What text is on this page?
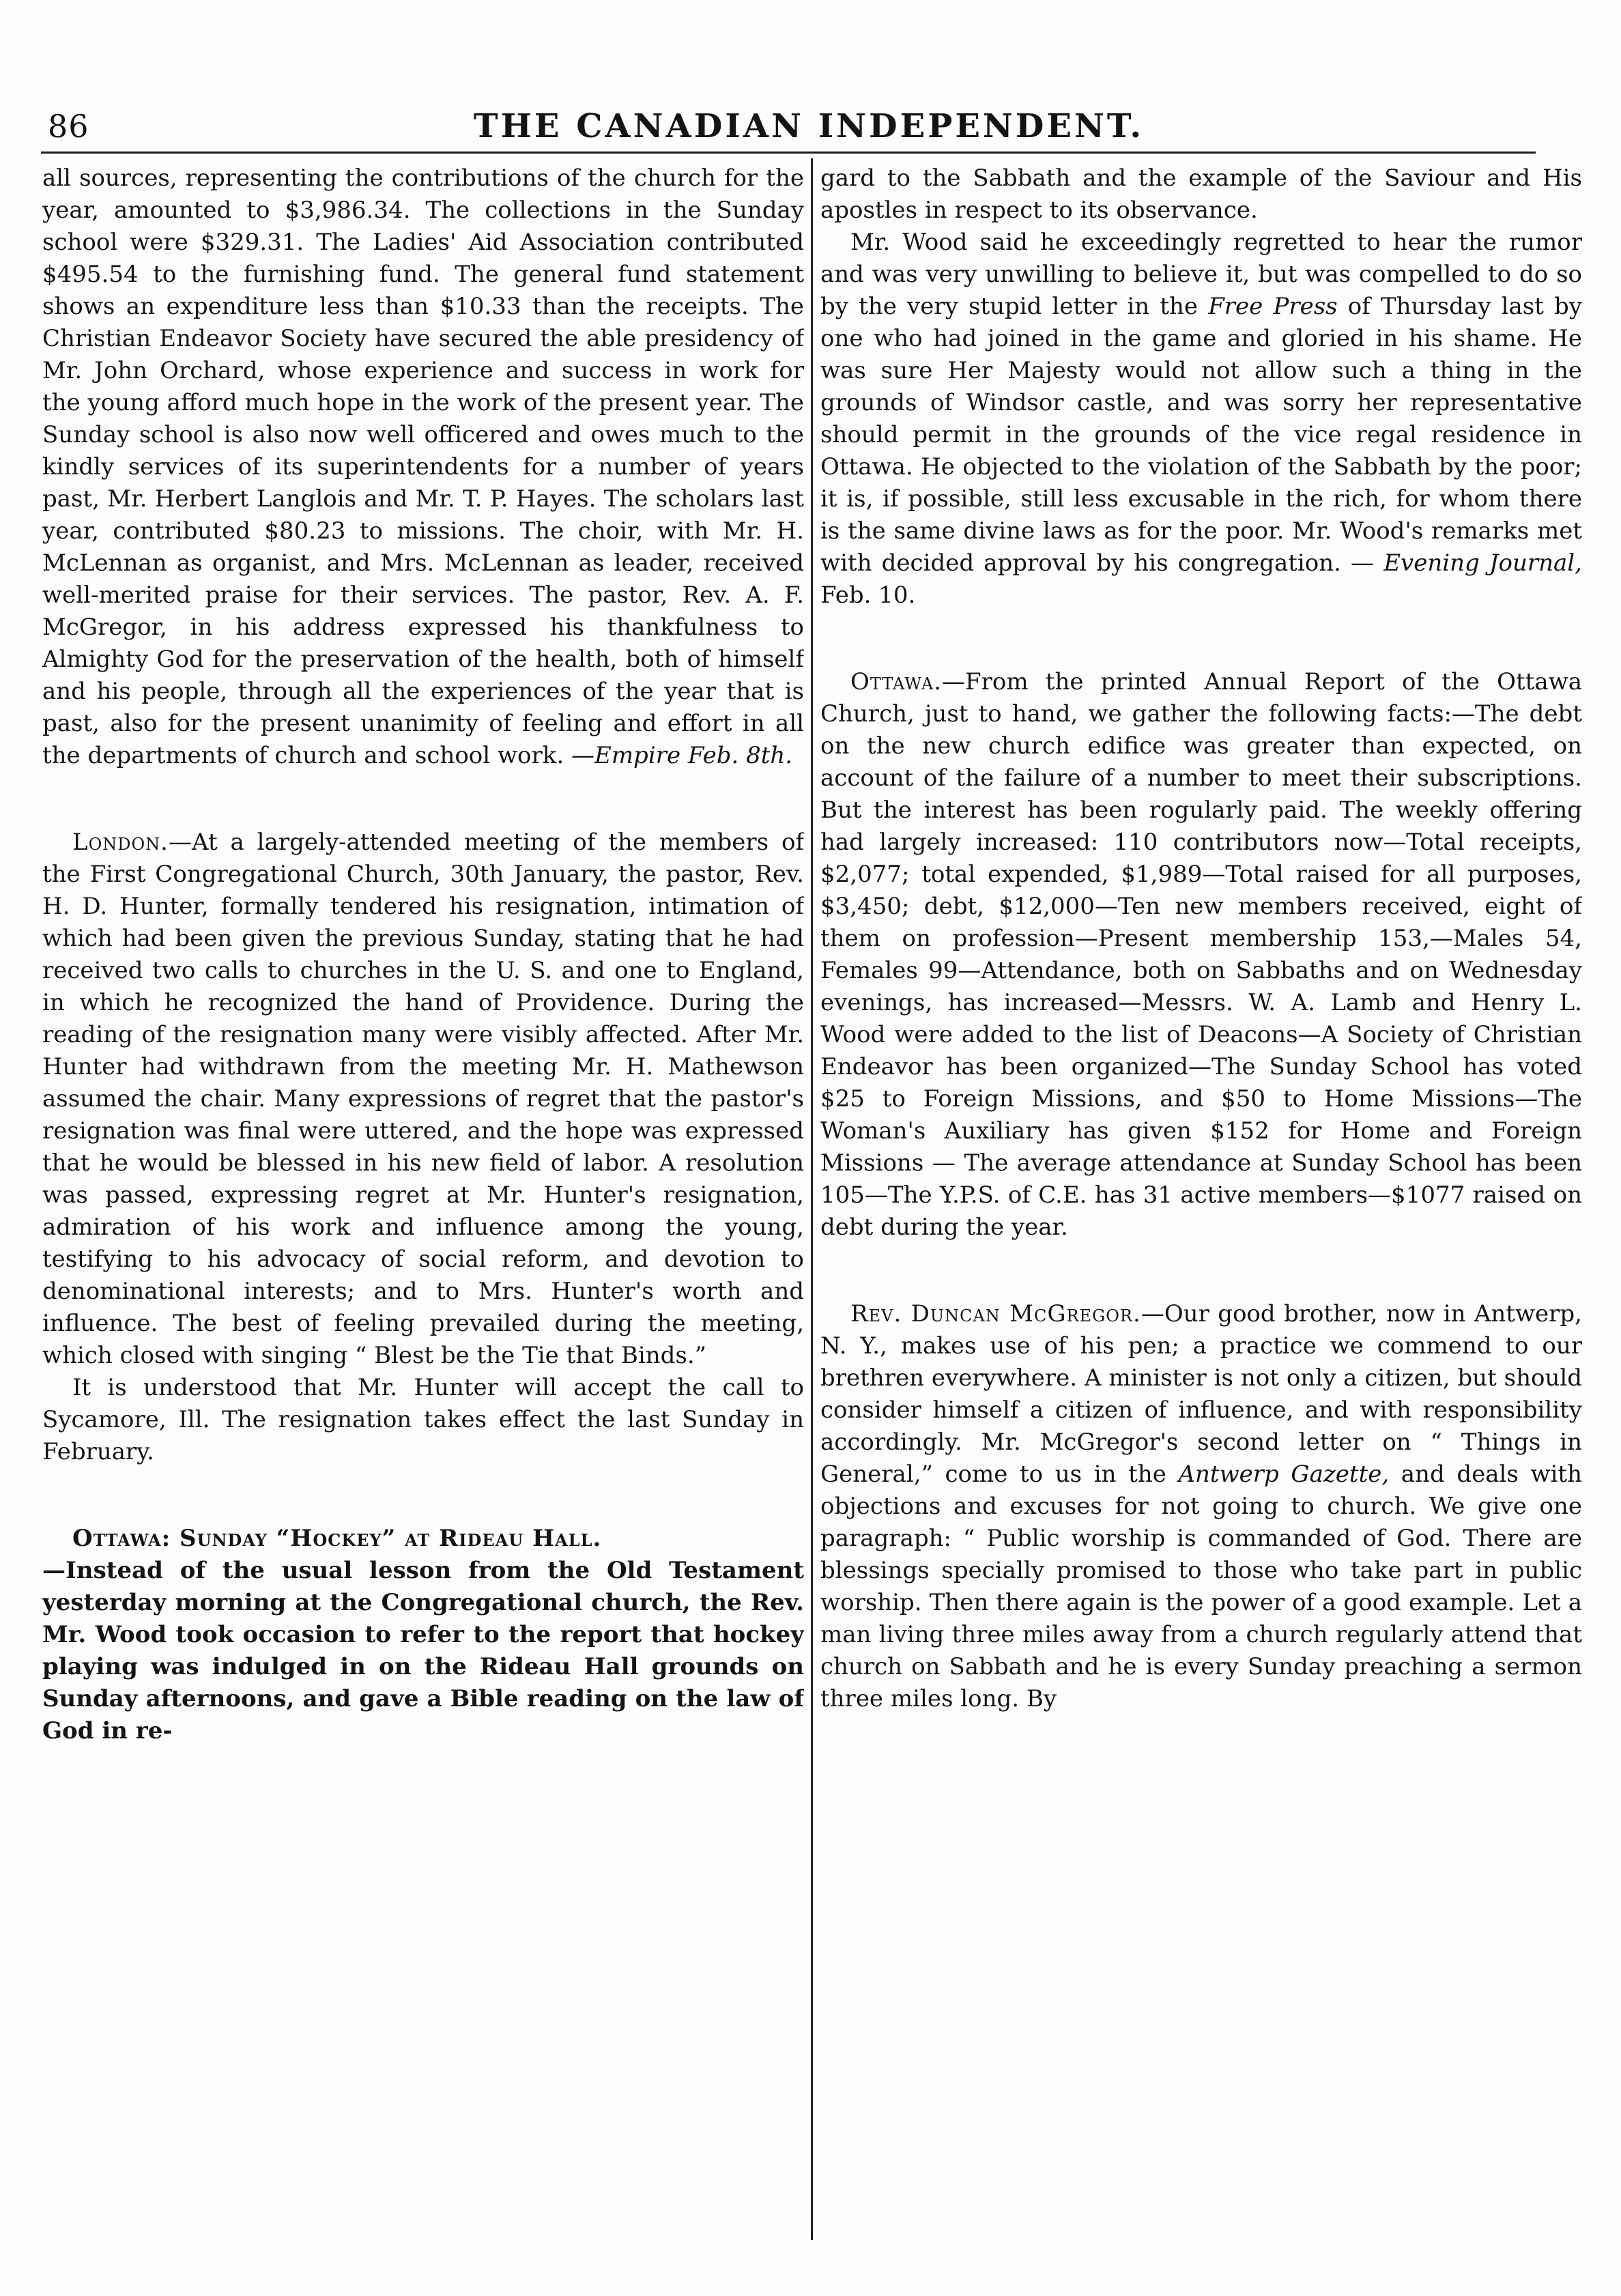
86	THE CANADIAN INDEPENDENT.

all sources, representing the contributions of the church for the year, amounted to $3,986.34. The collections in the Sunday school were $329.31. The Ladies' Aid Association contributed $495.54 to the furnishing fund. The general fund statement shows an expenditure less than $10.33 than the receipts. The Christian Endeavor Society have secured the able presidency of Mr. John Orchard, whose experience and success in work for the young afford much hope in the work of the present year. The Sunday school is also now well officered and owes much to the kindly services of its superintendents for a number of years past, Mr. Herbert Langlois and Mr. T. P. Hayes. The scholars last year, contributed $80.23 to missions. The choir, with Mr. H. McLennan as organist, and Mrs. McLennan as leader, received well-merited praise for their services. The pastor, Rev. A. F. McGregor, in his address expressed his thankfulness to Almighty God for the preservation of the health, both of himself and his people, through all the experiences of the year that is past, also for the present unanimity of feeling and effort in all the departments of church and school work. —Empire Feb. 8th.

London.—At a largely-attended meeting of the members of the First Congregational Church, 30th January, the pastor, Rev. H. D. Hunter, formally tendered his resignation, intimation of which had been given the previous Sunday, stating that he had received two calls to churches in the U. S. and one to England, in which he recognized the hand of Providence. During the reading of the resignation many were visibly affected. After Mr. Hunter had withdrawn from the meeting Mr. H. Mathewson assumed the chair. Many expressions of regret that the pastor's resignation was final were uttered, and the hope was expressed that he would be blessed in his new field of labor. A resolution was passed, expressing regret at Mr. Hunter's resignation, admiration of his work and influence among the young, testifying to his advocacy of social reform, and devotion to denominational interests; and to Mrs. Hunter's worth and influence. The best of feeling prevailed during the meeting, which closed with singing “ Blest be the Tie that Binds.”

It is understood that Mr. Hunter will accept the call to Sycamore, Ill. The resignation takes effect the last Sunday in February.

Ottawa: Sunday “Hockey” at Rideau Hall.
—Instead of the usual lesson from the Old Testament yesterday morning at the Congregational church, the Rev. Mr. Wood took occasion to refer to the report that hockey playing was indulged in on the Rideau Hall grounds on Sunday afternoons, and gave a Bible reading on the law of God in re-

gard to the Sabbath and the example of the Saviour and His apostles in respect to its observance.

Mr. Wood said he exceedingly regretted to hear the rumor and was very unwilling to believe it, but was compelled to do so by the very stupid letter in the Free Press of Thursday last by one who had joined in the game and gloried in his shame. He was sure Her Majesty would not allow such a thing in the grounds of Windsor castle, and was sorry her representative should permit in the grounds of the vice regal residence in Ottawa. He objected to the violation of the Sabbath by the poor; it is, if possible, still less excusable in the rich, for whom there is the same divine laws as for the poor. Mr. Wood's remarks met with decided approval by his congregation. — Evening Journal, Feb. 10.

Ottawa.—From the printed Annual Report of the Ottawa Church, just to hand, we gather the following facts:—The debt on the new church edifice was greater than expected, on account of the failure of a number to meet their subscriptions. But the interest has been rogularly paid. The weekly offering had largely increased: 110 contributors now—Total receipts, $2,077; total expended, $1,989—Total raised for all purposes, $3,450; debt, $12,000—Ten new members received, eight of them on profession—Present membership 153,—Males 54, Females 99—Attendance, both on Sabbaths and on Wednesday evenings, has increased—Messrs. W. A. Lamb and Henry L. Wood were added to the list of Deacons—A Society of Christian Endeavor has been organized—The Sunday School has voted $25 to Foreign Missions, and $50 to Home Missions—The Woman's Auxiliary has given $152 for Home and Foreign Missions — The average attendance at Sunday School has been 105—The Y.P.S. of C.E. has 31 active members—$1077 raised on debt during the year.

Rev. Duncan McGregor.—Our good brother, now in Antwerp, N. Y., makes use of his pen; a practice we commend to our brethren everywhere. A minister is not only a citizen, but should consider himself a citizen of influence, and with responsibility accordingly. Mr. McGregor's second letter on “ Things in General,” come to us in the Antwerp Gazette, and deals with objections and excuses for not going to church. We give one paragraph: “ Public worship is commanded of God. There are blessings specially promised to those who take part in public worship. Then there again is the power of a good example. Let a man living three miles away from a church regularly attend that church on Sabbath and he is every Sunday preaching a sermon three miles long. By
